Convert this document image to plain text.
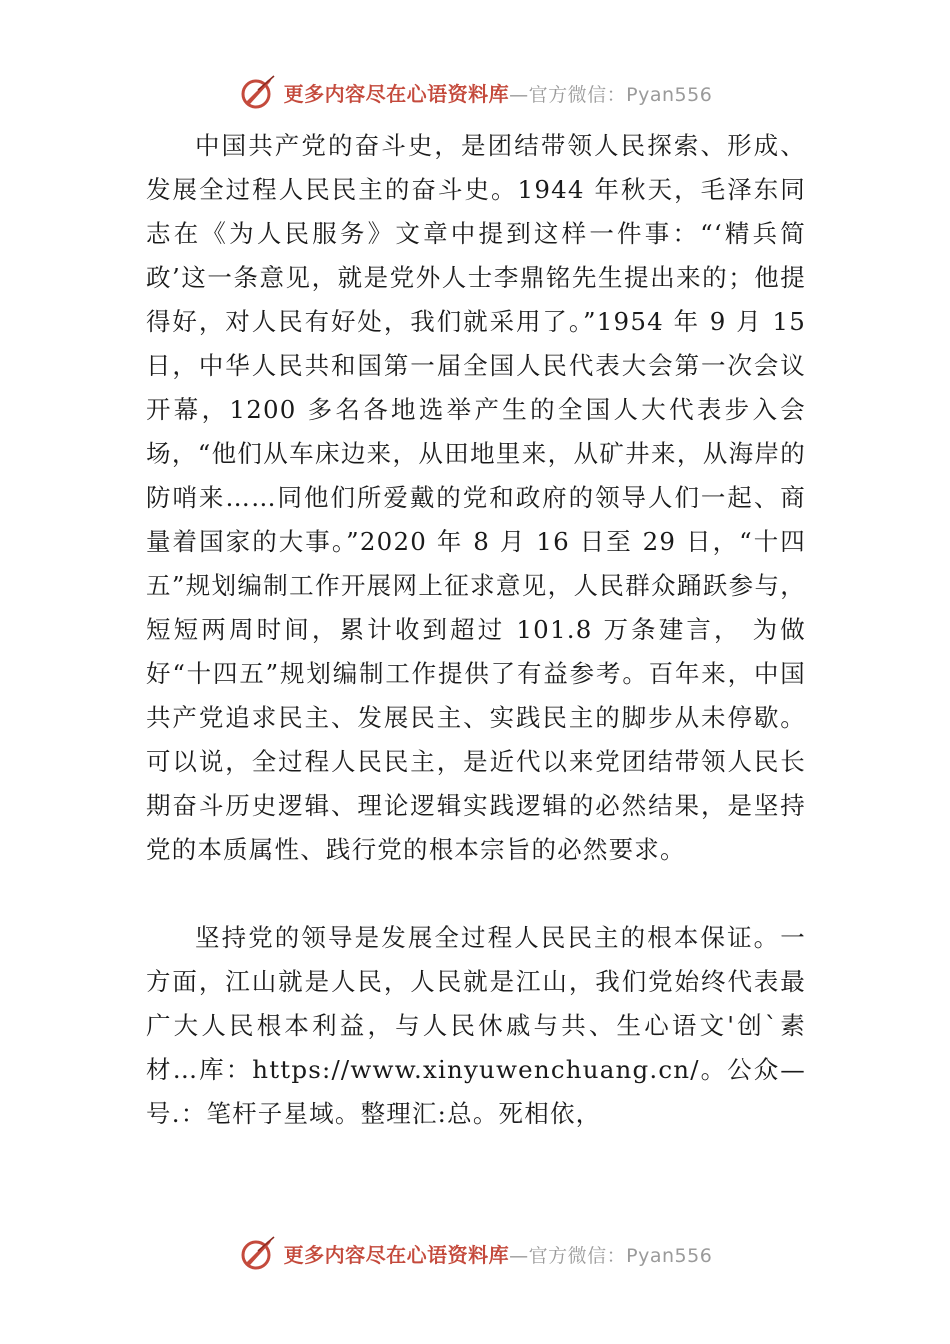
更多内容尽在心语资料库—官方微信：Pyan556

中国共产党的奋斗史，是团结带领人民探索、形成、发展全过程人民民主的奋斗史。1944 年秋天，毛泽东同志在《为人民服务》文章中提到这样一件事：“‘精兵简政’这一条意见，就是党外人士李鼎铭先生提出来的；他提得好，对人民有好处，我们就采用了。”1954 年 9 月 15 日，中华人民共和国第一届全国人民代表大会第一次会议开幕，1200 多名各地选举产生的全国人大代表步入会场，“他们从车床边来，从田地里来，从矿井来，从海岸的防哨来……同他们所爱戴的党和政府的领导人们一起、商量着国家的大事。”2020 年 8 月 16 日至 29 日，“十四五”规划编制工作开展网上征求意见，人民群众踊跃参与，短短两周时间，累计收到超过 101.8 万条建言， 为做好“十四五”规划编制工作提供了有益参考。百年来，中国共产党追求民主、发展民主、实践民主的脚步从未停歇。可以说，全过程人民民主，是近代以来党团结带领人民长期奋斗历史逻辑、理论逻辑实践逻辑的必然结果，是坚持党的本质属性、践行党的根本宗旨的必然要求。

坚持党的领导是发展全过程人民民主的根本保证。一方面，江山就是人民，人民就是江山，我们党始终代表最广大人民根本利益，与人民休戚与共、生心语文'创`素材…库：https://www.xinyuwenchuang.cn/。公众—号.：笔杆子星域。整理汇:总。死相依，

更多内容尽在心语资料库—官方微信：Pyan556
